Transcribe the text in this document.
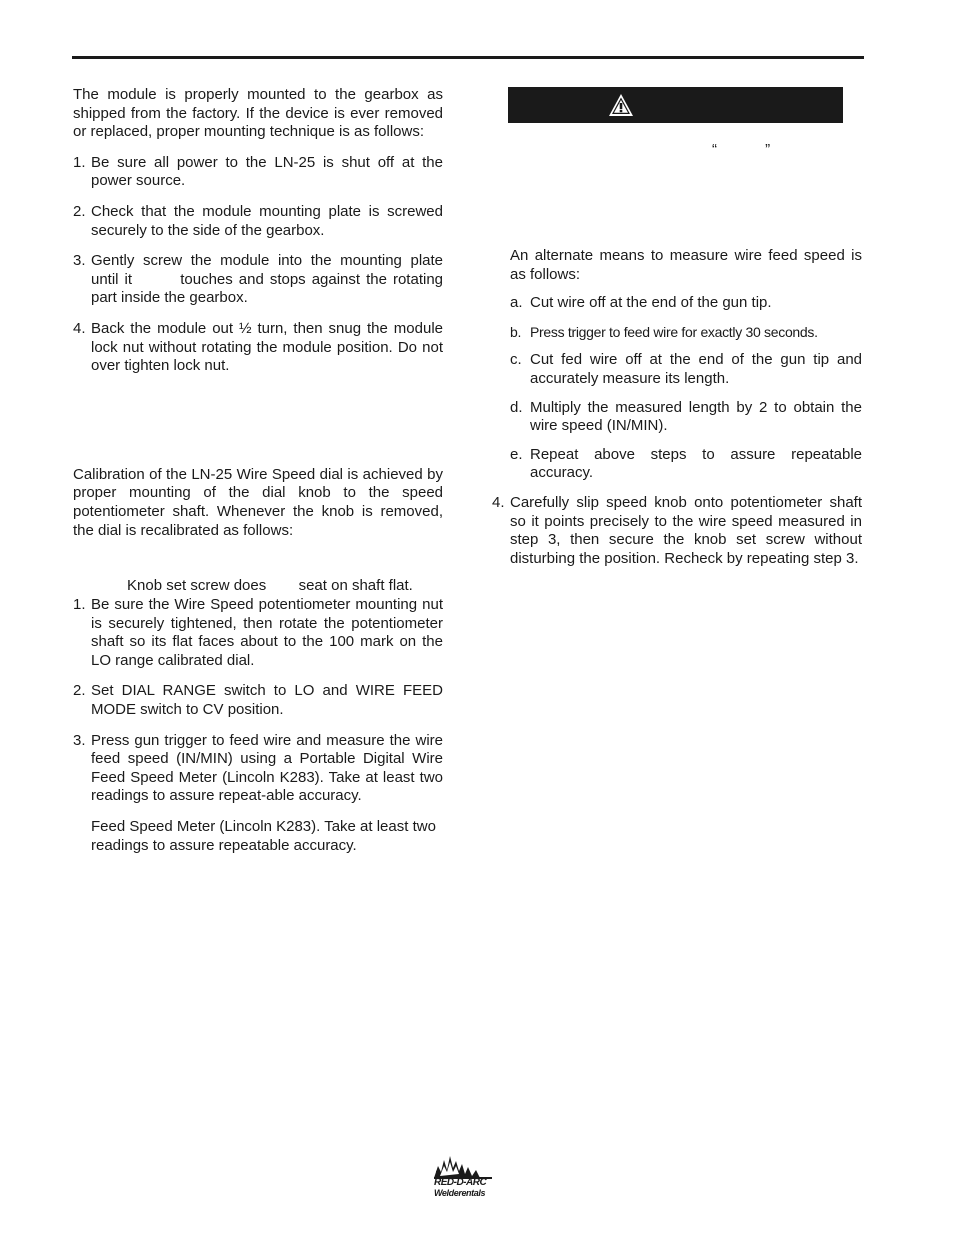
The module is properly mounted to the gearbox as shipped from the factory. If the device is ever removed or replaced, proper mounting technique is as follows:

1. Be sure all power to the LN-25 is shut off at the power source.
2. Check that the module mounting plate is screwed securely to the side of the gearbox.
3. Gently screw the module into the mounting plate until it        touches and stops against the rotating part inside the gearbox.
4. Back the module out ½ turn, then snug the module lock nut without rotating the module position. Do not over tighten lock nut.

Calibration of the LN-25 Wire Speed dial is achieved by proper mounting of the dial knob to the speed potentiometer shaft. Whenever the knob is removed, the dial is recalibrated as follows:

1. Be sure the Wire Speed potentiometer mounting nut is securely tightened, then rotate the potentiometer shaft so its flat faces about to the 100 mark on the LO range calibrated dial.
2. Set DIAL RANGE switch to LO and WIRE FEED MODE switch to CV position.
3. Press gun trigger to feed wire and measure the wire feed speed (IN/MIN) using a Portable Digital Wire Feed Speed Meter (Lincoln K283). Take at least two readings to assure repeat-able accuracy.

Feed Speed Meter (Lincoln K283). Take at least two readings to assure repeatable accuracy.

Knob set screw does seat on shaft flat.
“ ”

An alternate means to measure wire feed speed is as follows:

a. Cut wire off at the end of the gun tip.
b. Press trigger to feed wire for exactly 30 seconds.
c. Cut fed wire off at the end of the gun tip and accurately measure its length.
d. Multiply the measured length by 2 to obtain the wire speed (IN/MIN).
e. Repeat above steps to assure repeatable accuracy.
4. Carefully slip speed knob onto potentiometer shaft so it points precisely to the wire speed measured in step 3, then secure the knob set screw without disturbing the position. Recheck by repeating step 3.
RED-D-ARC
Welderentals
